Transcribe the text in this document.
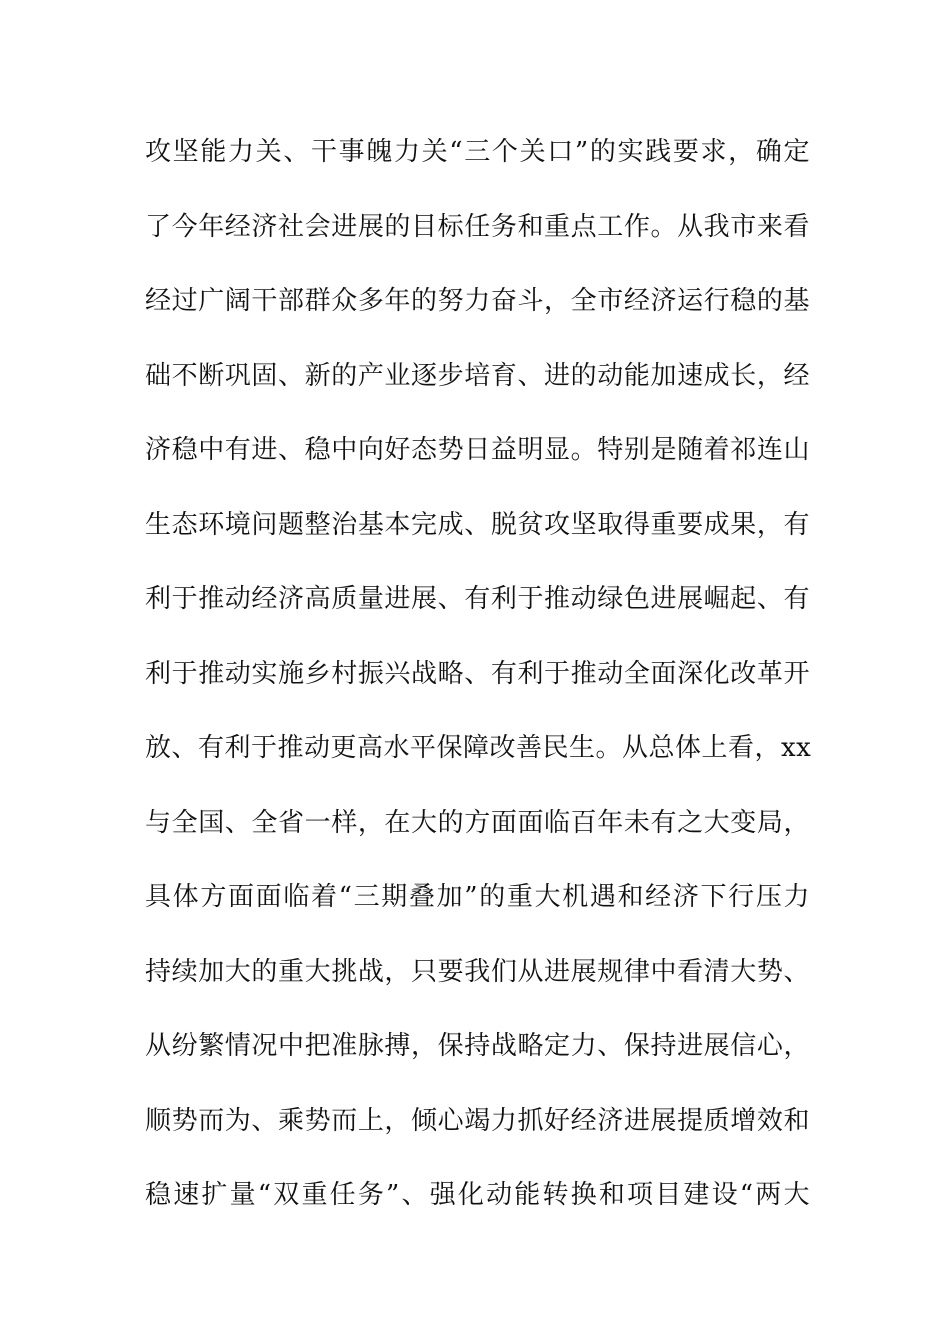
攻坚能力关、干事魄力关“三个关口”的实践要求，确定
了今年经济社会进展的目标任务和重点工作。从我市来看
经过广阔干部群众多年的努力奋斗，全市经济运行稳的基
础不断巩固、新的产业逐步培育、进的动能加速成长，经
济稳中有进、稳中向好态势日益明显。特别是随着祁连山
生态环境问题整治基本完成、脱贫攻坚取得重要成果，有
利于推动经济高质量进展、有利于推动绿色进展崛起、有
利于推动实施乡村振兴战略、有利于推动全面深化改革开
放、有利于推动更高水平保障改善民生。从总体上看，xx
与全国、全省一样，在大的方面面临百年未有之大变局，
具体方面面临着“三期叠加”的重大机遇和经济下行压力
持续加大的重大挑战，只要我们从进展规律中看清大势、
从纷繁情况中把准脉搏，保持战略定力、保持进展信心，
顺势而为、乘势而上，倾心竭力抓好经济进展提质增效和
稳速扩量“双重任务”、强化动能转换和项目建设“两大
